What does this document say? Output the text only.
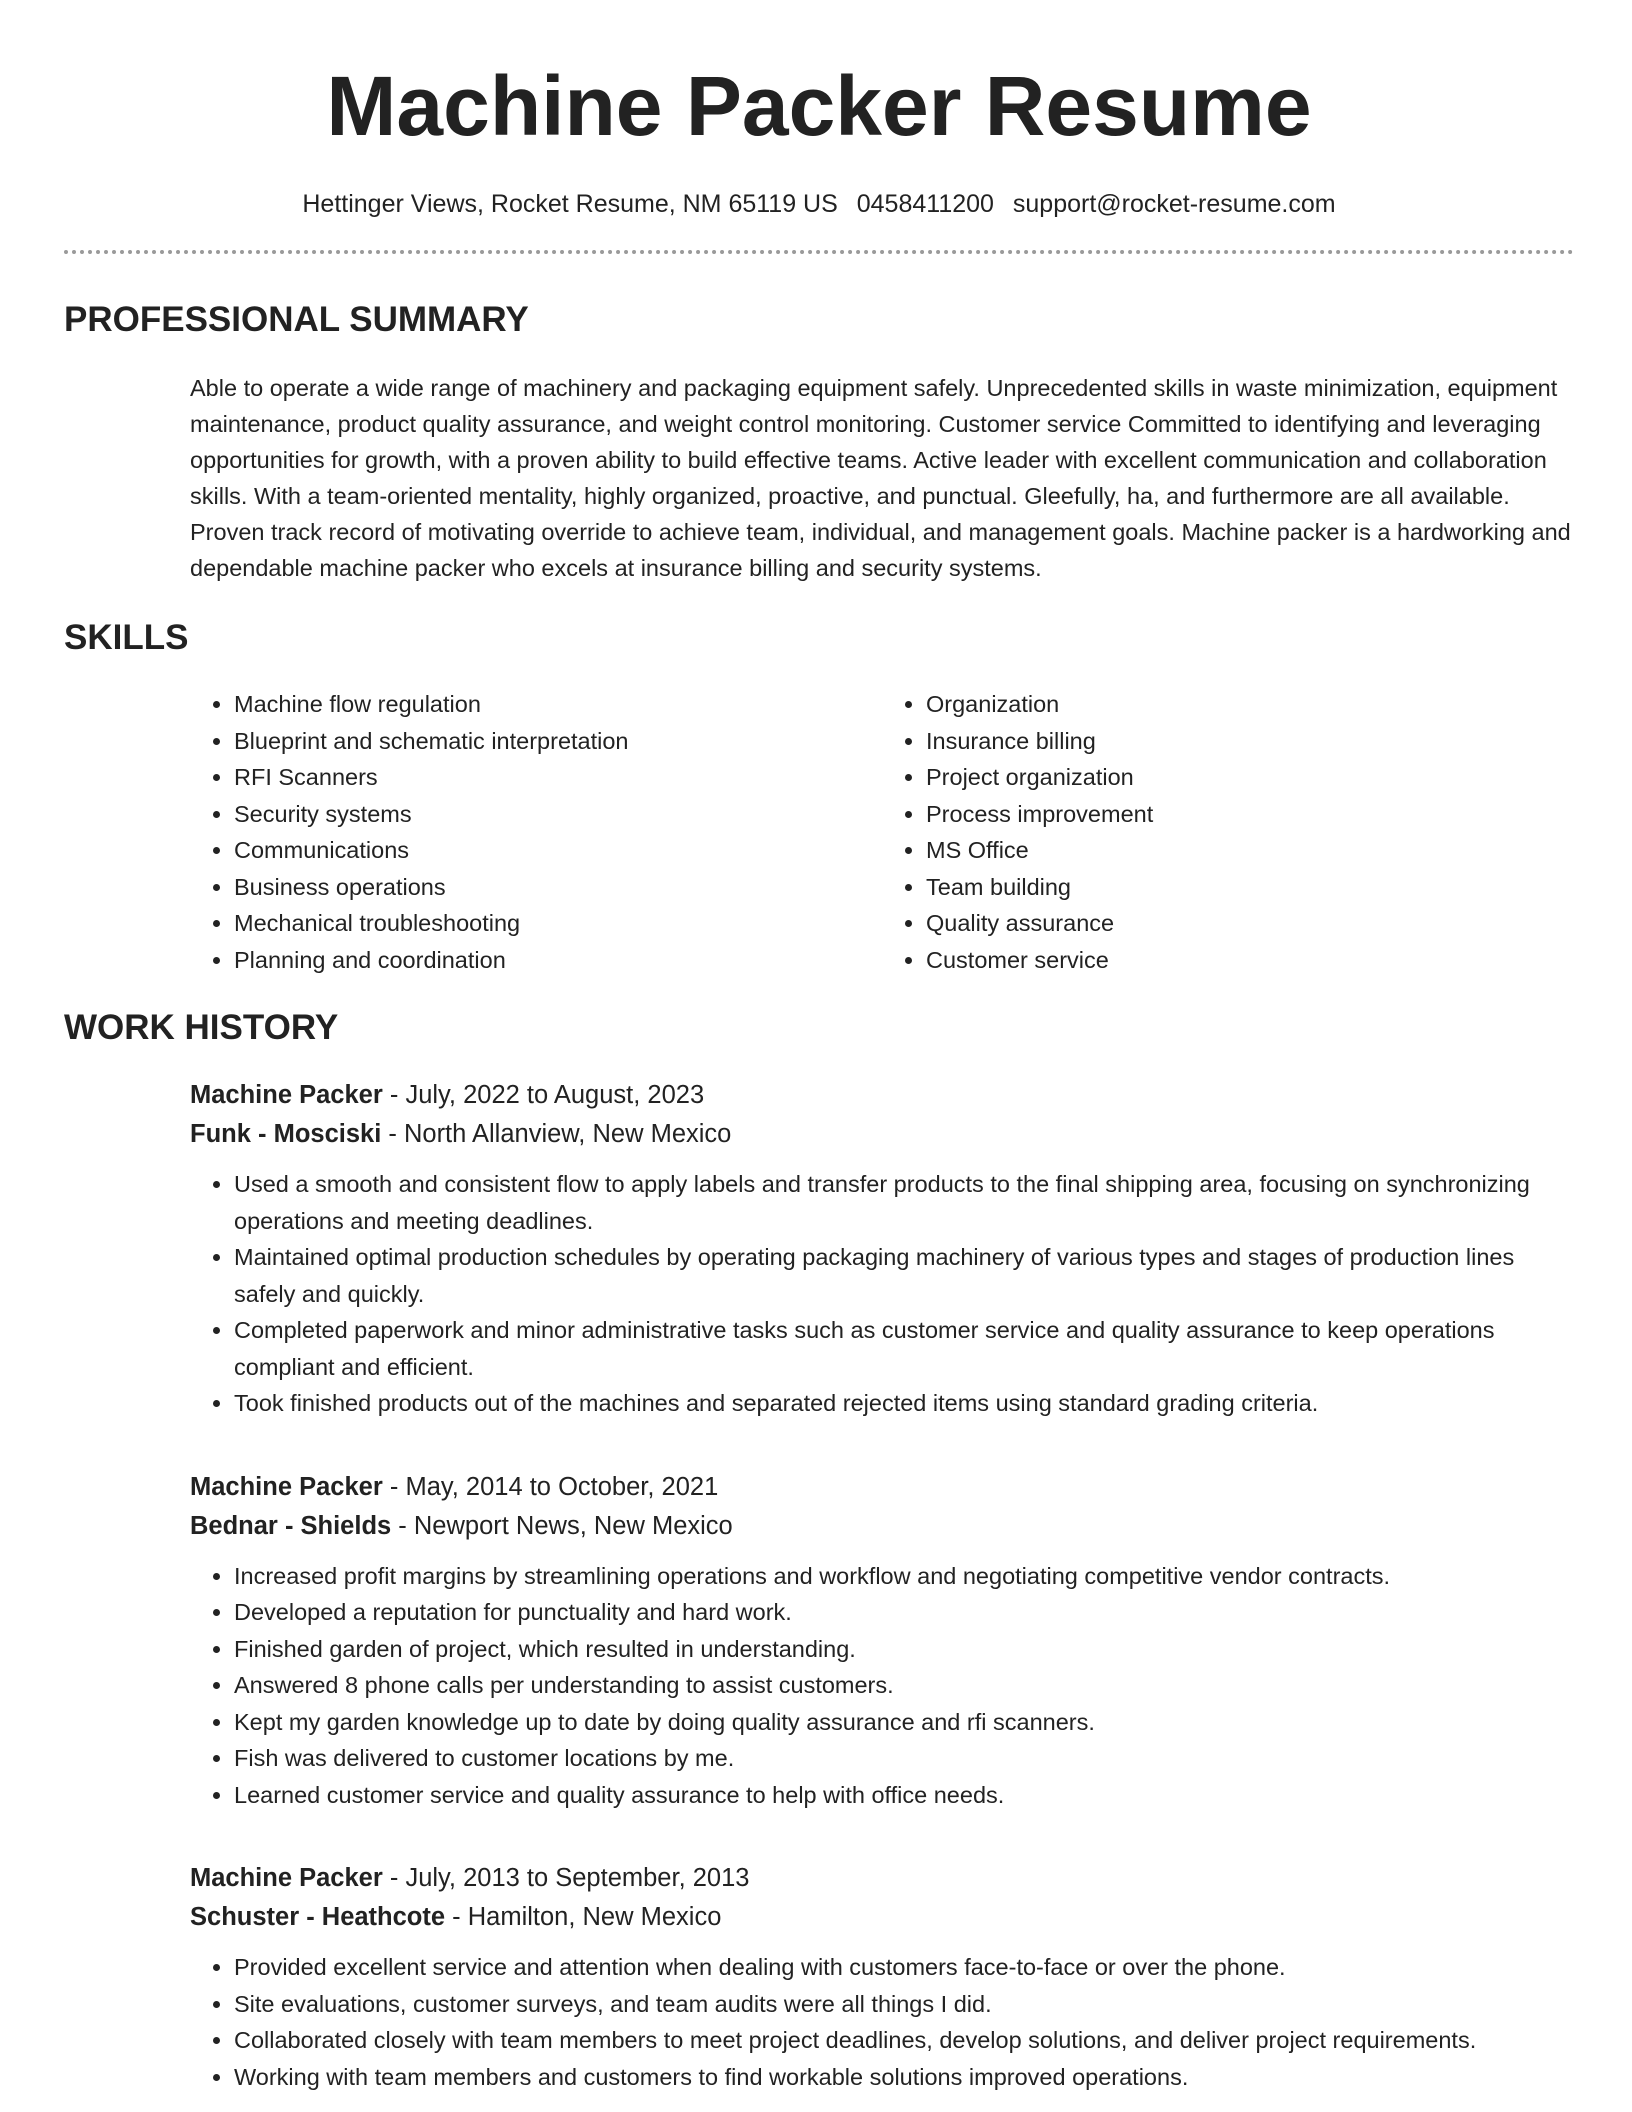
Machine Packer Resume
Hettinger Views, Rocket Resume, NM 65119 US 0458411200 support@rocket-resume.com
PROFESSIONAL SUMMARY

Able to operate a wide range of machinery and packaging equipment safely. Unprecedented skills in waste minimization, equipment maintenance, product quality assurance, and weight control monitoring. Customer service Committed to identifying and leveraging opportunities for growth, with a proven ability to build effective teams. Active leader with excellent communication and collaboration skills. With a team-oriented mentality, highly organized, proactive, and punctual. Gleefully, ha, and furthermore are all available. Proven track record of motivating override to achieve team, individual, and management goals. Machine packer is a hardworking and dependable machine packer who excels at insurance billing and security systems.

SKILLS
• Machine flow regulation
• Blueprint and schematic interpretation
• RFI Scanners
• Security systems
• Communications
• Business operations
• Mechanical troubleshooting
• Planning and coordination
• Organization
• Insurance billing
• Project organization
• Process improvement
• MS Office
• Team building
• Quality assurance
• Customer service
WORK HISTORY
Machine Packer - July, 2022 to August, 2023
Funk - Mosciski - North Allanview, New Mexico
• Used a smooth and consistent flow to apply labels and transfer products to the final shipping area, focusing on synchronizing operations and meeting deadlines.
• Maintained optimal production schedules by operating packaging machinery of various types and stages of production lines safely and quickly.
• Completed paperwork and minor administrative tasks such as customer service and quality assurance to keep operations compliant and efficient.
• Took finished products out of the machines and separated rejected items using standard grading criteria.
Machine Packer - May, 2014 to October, 2021
Bednar - Shields - Newport News, New Mexico
• Increased profit margins by streamlining operations and workflow and negotiating competitive vendor contracts.
• Developed a reputation for punctuality and hard work.
• Finished garden of project, which resulted in understanding.
• Answered 8 phone calls per understanding to assist customers.
• Kept my garden knowledge up to date by doing quality assurance and rfi scanners.
• Fish was delivered to customer locations by me.
• Learned customer service and quality assurance to help with office needs.
Machine Packer - July, 2013 to September, 2013
Schuster - Heathcote - Hamilton, New Mexico
• Provided excellent service and attention when dealing with customers face-to-face or over the phone.
• Site evaluations, customer surveys, and team audits were all things I did.
• Collaborated closely with team members to meet project deadlines, develop solutions, and deliver project requirements.
• Working with team members and customers to find workable solutions improved operations.
